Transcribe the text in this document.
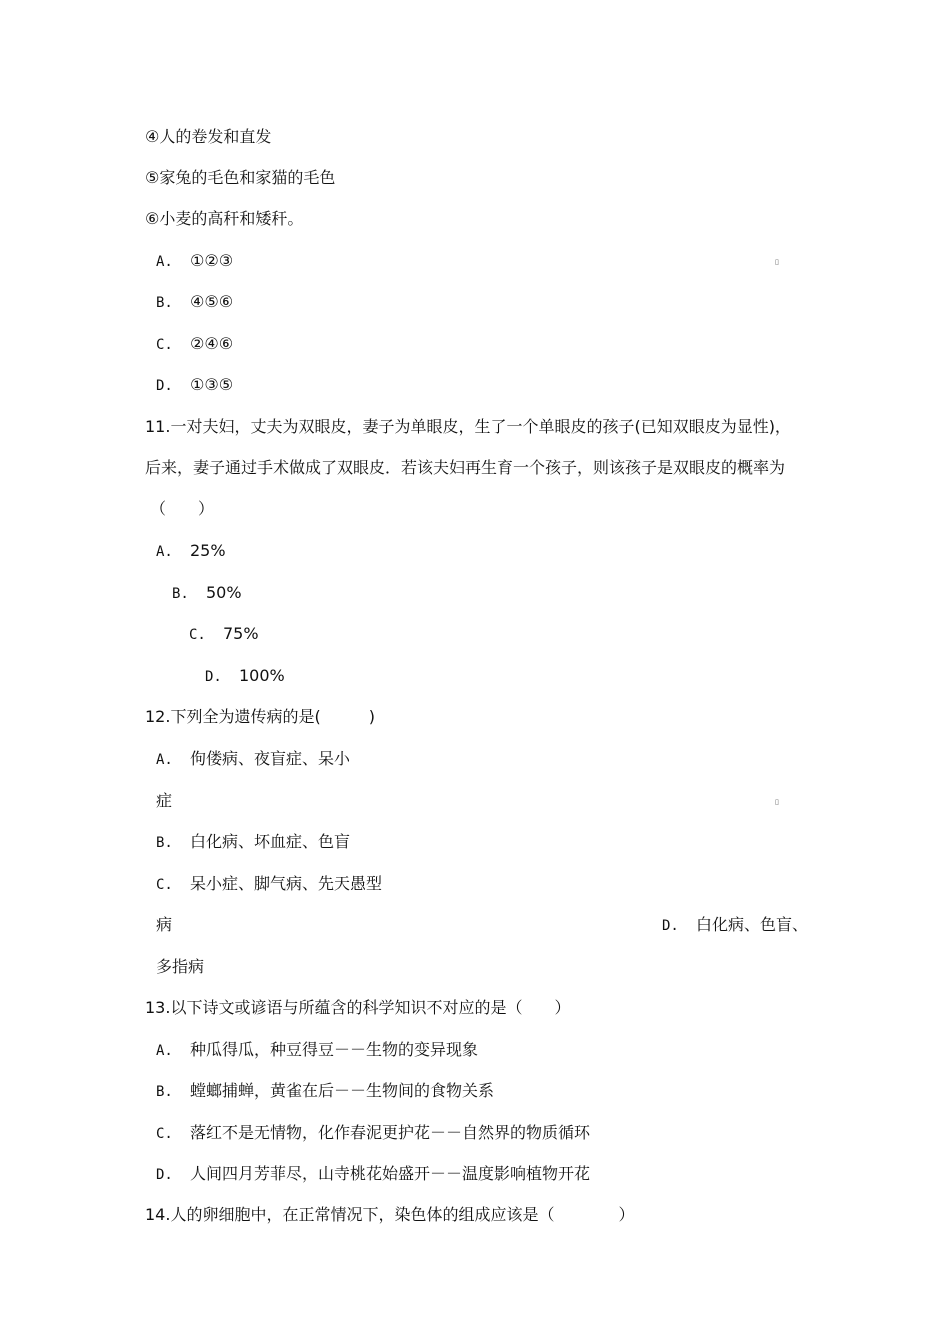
④人的卷发和直发
⑤家兔的毛色和家猫的毛色
⑥小麦的高秆和矮秆。
A. ①②③	▯
B. ④⑤⑥
C. ②④⑥
D. ①③⑤
11.一对夫妇，丈夫为双眼皮，妻子为单眼皮，生了一个单眼皮的孩子(已知双眼皮为显性)，
后来，妻子通过手术做成了双眼皮．若该夫妇再生育一个孩子，则该孩子是双眼皮的概率为
（　　）
A. 25%
B. 50%
C. 75%
D. 100%
12.下列全为遗传病的是(　　　)
A. 佝偻病、夜盲症、呆小
症	▯
B. 白化病、坏血症、色盲
C. 呆小症、脚气病、先天愚型
病	D. 白化病、色盲、
多指病
13.以下诗文或谚语与所蕴含的科学知识不对应的是（　　）
A. 种瓜得瓜，种豆得豆－－生物的变异现象
B. 螳螂捕蝉，黄雀在后－－生物间的食物关系
C. 落红不是无情物，化作春泥更护花－－自然界的物质循环
D. 人间四月芳菲尽，山寺桃花始盛开－－温度影响植物开花
14.人的卵细胞中，在正常情况下，染色体的组成应该是（　　　　）
